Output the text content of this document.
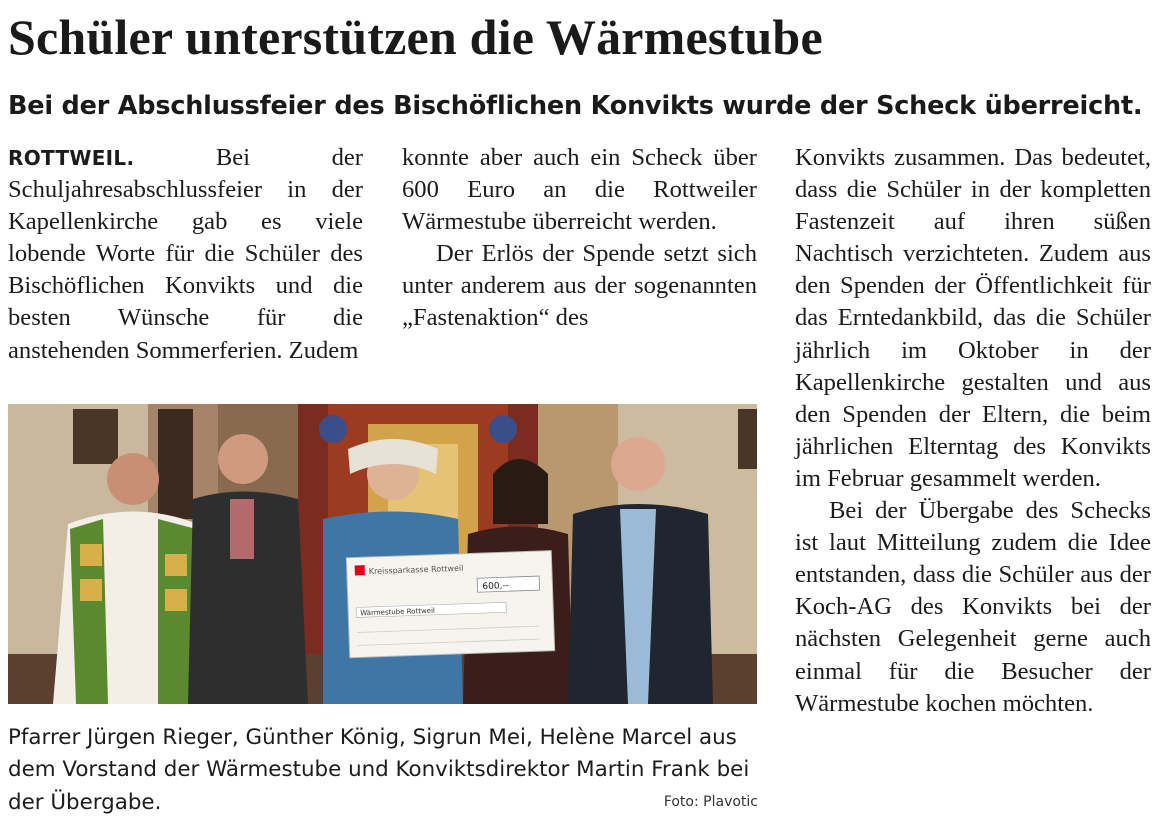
Schüler unterstützen die Wärmestube
Bei der Abschlussfeier des Bischöflichen Konvikts wurde der Scheck überreicht.

ROTTWEIL.	Bei der Schuljahresabschlussfeier in der Kapellenkirche gab es viele lobende Worte für die Schüler des Bischöflichen Konvikts und die besten Wünsche für die anstehenden Sommerferien. Zudem

konnte aber auch ein Scheck über 600 Euro an die Rottweiler Wärmestube überreicht werden.

Der Erlös der Spende setzt sich unter anderem aus der sogenannten „Fastenaktion“ des

Konvikts zusammen. Das bedeutet, dass die Schüler in der kompletten Fastenzeit auf ihren süßen Nachtisch verzichteten. Zudem aus den Spenden der Öffentlichkeit für das Erntedankbild, das die Schüler jährlich im Oktober in der Kapellenkirche gestalten und aus den Spenden der Eltern, die beim jährlichen Elterntag des Konvikts im Februar gesammelt werden.

Bei der Übergabe des Schecks ist laut Mitteilung zudem die Idee entstanden, dass die Schüler aus der Koch-AG des Konvikts bei der nächsten Gelegenheit gerne auch einmal für die Besucher der Wärmestube kochen möchten.

Kreissparkasse Rottweil
600,--
Wärmestube Rottweil

Pfarrer Jürgen Rieger, Günther König, Sigrun Mei, Helène Marcel aus dem Vorstand der Wärmestube und Konviktsdirektor Martin Frank bei der Übergabe.	Foto: Plavotic
